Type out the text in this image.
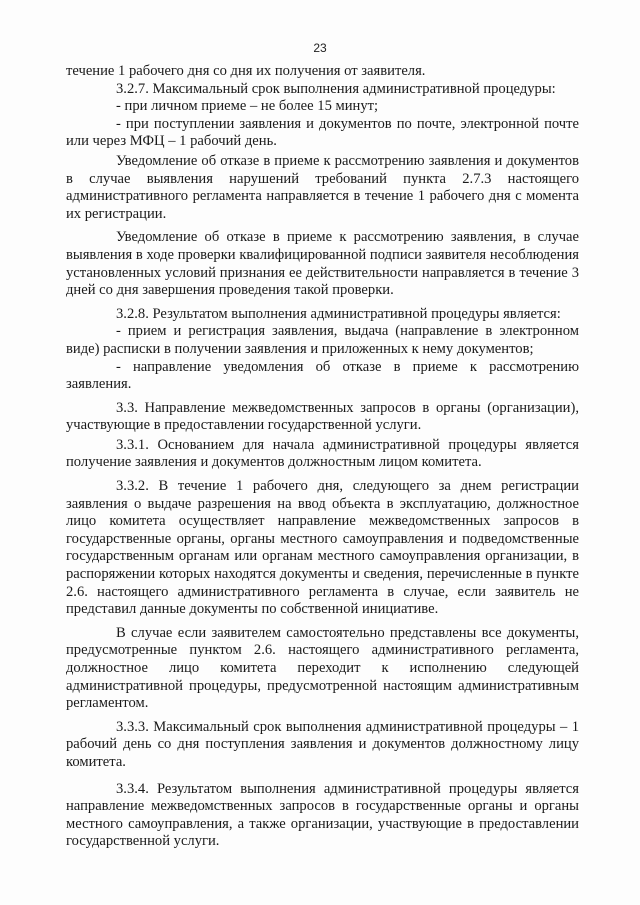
23

течение 1 рабочего дня со дня их получения от заявителя.

3.2.7. Максимальный срок выполнения административной процедуры:

- при личном приеме – не более 15 минут;

- при поступлении заявления и документов по почте, электронной почте или через МФЦ – 1 рабочий день.

Уведомление об отказе в приеме к рассмотрению заявления и документов в случае выявления нарушений требований пункта 2.7.3 настоящего административного регламента направляется в течение 1 рабочего дня с момента их регистрации.

Уведомление об отказе в приеме к рассмотрению заявления, в случае выявления в ходе проверки квалифицированной подписи заявителя несоблюдения установленных условий признания ее действительности направляется в течение 3 дней со дня завершения проведения такой проверки.

3.2.8. Результатом выполнения административной процедуры является:

- прием и регистрация заявления, выдача (направление в электронном виде) расписки в получении заявления и приложенных к нему документов;

- направление уведомления об отказе в приеме к рассмотрению заявления.

3.3. Направление межведомственных запросов в органы (организации), участвующие в предоставлении государственной услуги.

3.3.1. Основанием для начала административной процедуры является получение заявления и документов должностным лицом комитета.

3.3.2. В течение 1 рабочего дня, следующего за днем регистрации заявления о выдаче разрешения на ввод объекта в эксплуатацию, должностное лицо комитета осуществляет направление межведомственных запросов в государственные органы, органы местного самоуправления и подведомственные государственным органам или органам местного самоуправления организации, в распоряжении которых находятся документы и сведения, перечисленные в пункте 2.6. настоящего административного регламента в случае, если заявитель не представил данные документы по собственной инициативе.

В случае если заявителем самостоятельно представлены все документы, предусмотренные пунктом 2.6. настоящего административного регламента, должностное лицо комитета переходит к исполнению следующей административной процедуры, предусмотренной настоящим административным регламентом.

3.3.3. Максимальный срок выполнения административной процедуры – 1 рабочий день со дня поступления заявления и документов должностному лицу комитета.

3.3.4. Результатом выполнения административной процедуры является направление межведомственных запросов в государственные органы и органы местного самоуправления, а также организации, участвующие в предоставлении государственной услуги.
